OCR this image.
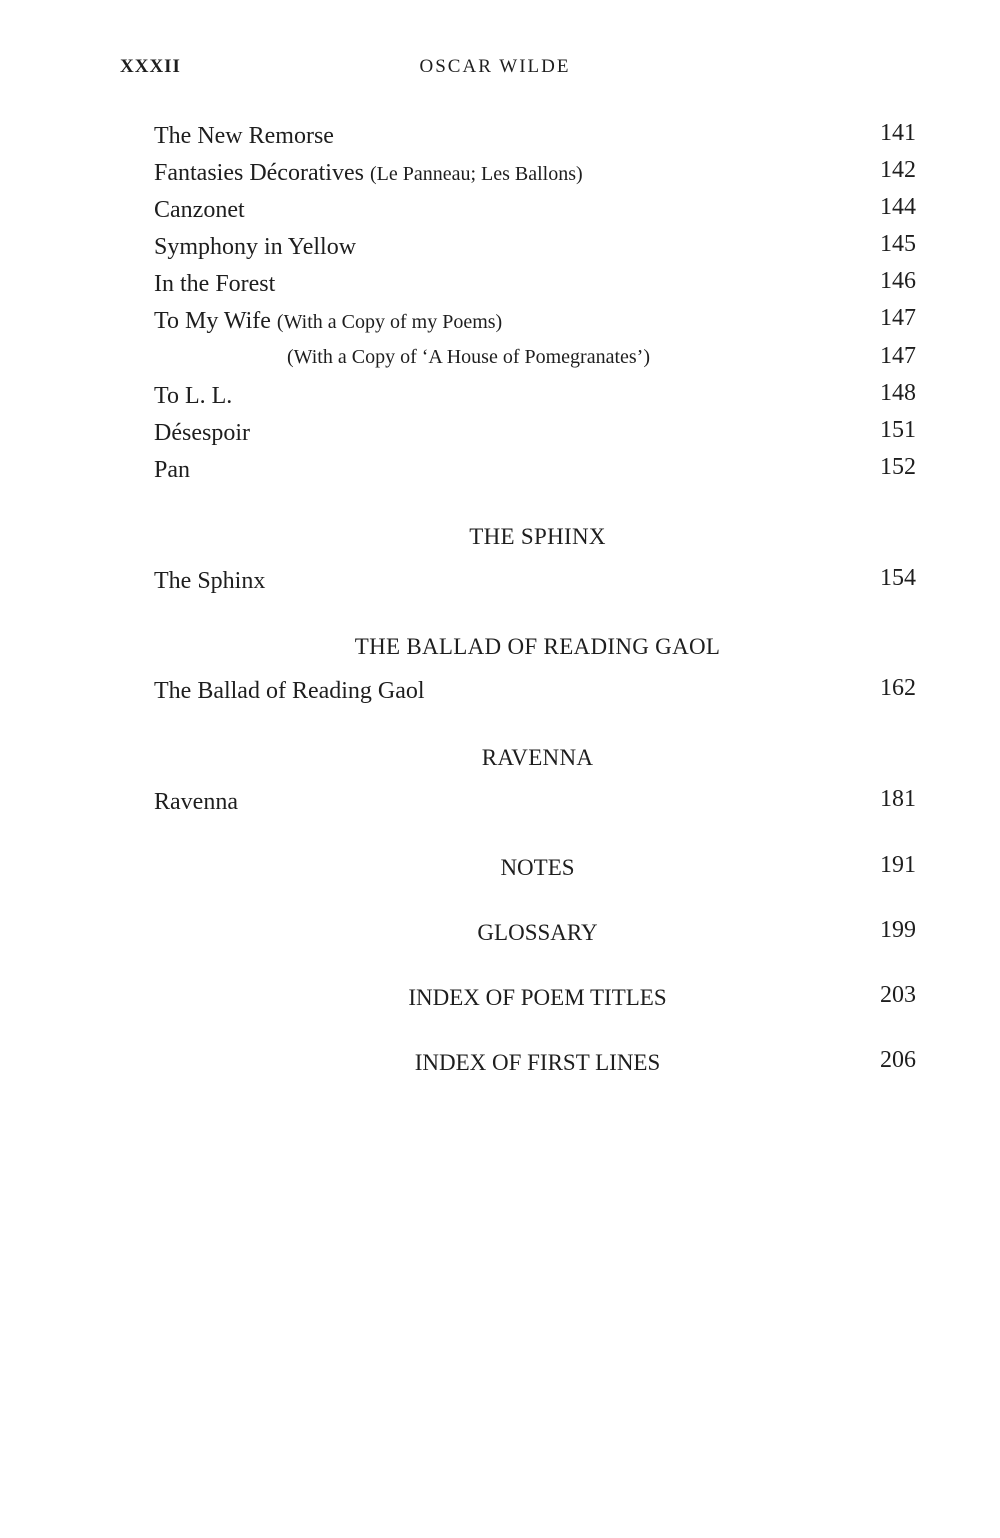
XXXII	OSCAR WILDE
The New Remorse	141
Fantasies Décoratives (Le Panneau; Les Ballons)	142
Canzonet	144
Symphony in Yellow	145
In the Forest	146
To My Wife (With a Copy of my Poems)	147
(With a Copy of ‘A House of Pomegranates’)	147
To L. L.	148
Désespoir	151
Pan	152
THE SPHINX
The Sphinx	154
THE BALLAD OF READING GAOL
The Ballad of Reading Gaol	162
RAVENNA
Ravenna	181
NOTES	191
GLOSSARY	199
INDEX OF POEM TITLES	203
INDEX OF FIRST LINES	206
